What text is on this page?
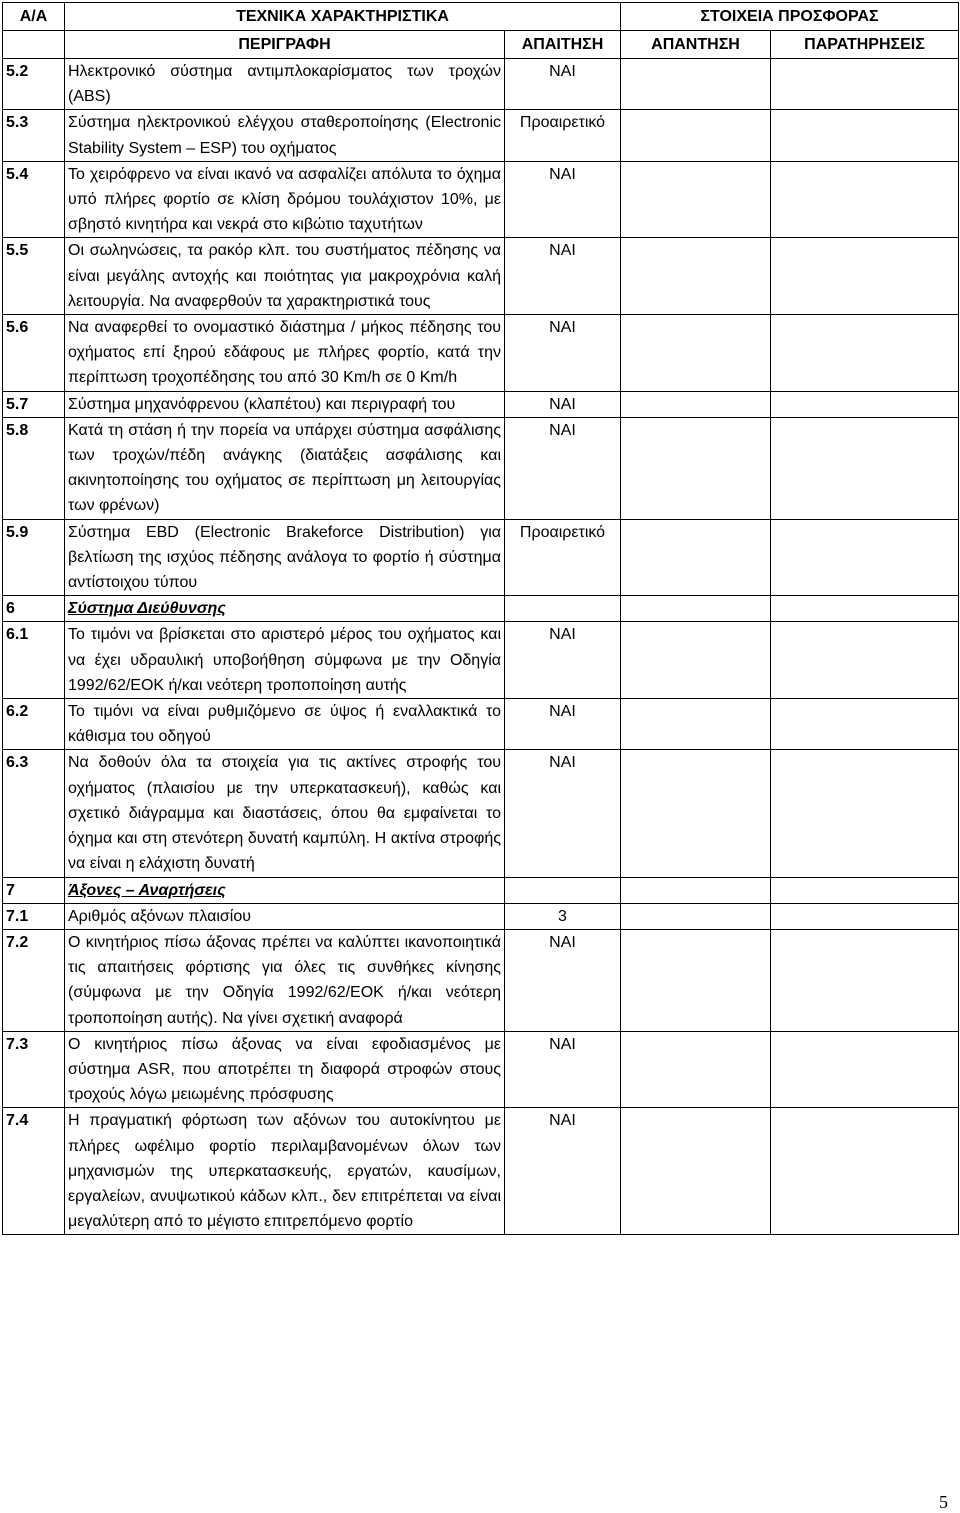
Α/Α	ΤΕΧΝΙΚΑ ΧΑΡΑΚΤΗΡΙΣΤΙΚΑ		ΣΤΟΙΧΕΙΑ ΠΡΟΣΦΟΡΑΣ	
	ΠΕΡΙΓΡΑΦΗ	ΑΠΑΙΤΗΣΗ	ΑΠΑΝΤΗΣΗ	ΠΑΡΑΤΗΡΗΣΕΙΣ
5.2	Ηλεκτρονικό σύστημα αντιμπλοκαρίσματος των τροχών (ABS)	ΝΑΙ		
5.3	Σύστημα ηλεκτρονικού ελέγχου σταθεροποίησης (Electronic Stability System – ESP) του οχήματος	Προαιρετικό		
5.4	Το χειρόφρενο να είναι ικανό να ασφαλίζει απόλυτα το όχημα υπό πλήρες φορτίο σε κλίση δρόμου τουλάχιστον 10%, με σβηστό κινητήρα και νεκρά στο κιβώτιο ταχυτήτων	ΝΑΙ		
5.5	Οι σωληνώσεις, τα ρακόρ κλπ. του συστήματος πέδησης να είναι μεγάλης αντοχής και ποιότητας για μακροχρόνια καλή λειτουργία. Να αναφερθούν τα χαρακτηριστικά τους	ΝΑΙ		
5.6	Να αναφερθεί το ονομαστικό διάστημα / μήκος πέδησης του οχήματος επί ξηρού εδάφους με πλήρες φορτίο, κατά την περίπτωση τροχοπέδησης του από 30 Km/h σε 0 Km/h	ΝΑΙ		
5.7	Σύστημα μηχανόφρενου (κλαπέτου) και περιγραφή του	ΝΑΙ		
5.8	Κατά τη στάση ή την πορεία να υπάρχει σύστημα ασφάλισης των τροχών/πέδη ανάγκης (διατάξεις ασφάλισης και ακινητοποίησης του οχήματος σε περίπτωση μη λειτουργίας των φρένων)	ΝΑΙ		
5.9	Σύστημα EBD (Electronic Brakeforce Distribution) για βελτίωση της ισχύος πέδησης ανάλογα το φορτίο ή σύστημα αντίστοιχου τύπου	Προαιρετικό		
6	Σύστημα Διεύθυνσης			
6.1	Το τιμόνι να βρίσκεται στο αριστερό μέρος του οχήματος και να έχει υδραυλική υποβοήθηση σύμφωνα με την Οδηγία 1992/62/ΕΟΚ ή/και νεότερη τροποποίηση αυτής	ΝΑΙ		
6.2	Το τιμόνι να είναι ρυθμιζόμενο σε ύψος ή εναλλακτικά το κάθισμα του οδηγού	ΝΑΙ		
6.3	Να δοθούν όλα τα στοιχεία για τις ακτίνες στροφής του οχήματος (πλαισίου με την υπερκατασκευή), καθώς και σχετικό διάγραμμα και διαστάσεις, όπου θα εμφαίνεται το όχημα και στη στενότερη δυνατή καμπύλη. Η ακτίνα στροφής να είναι η ελάχιστη δυνατή	ΝΑΙ		
7	Άξονες – Αναρτήσεις			
7.1	Αριθμός αξόνων πλαισίου	3		
7.2	Ο κινητήριος πίσω άξονας πρέπει να καλύπτει ικανοποιητικά τις απαιτήσεις φόρτισης για όλες τις συνθήκες κίνησης (σύμφωνα με την Οδηγία 1992/62/ΕΟΚ ή/και νεότερη τροποποίηση αυτής). Να γίνει σχετική αναφορά	ΝΑΙ		
7.3	Ο κινητήριος πίσω άξονας να είναι εφοδιασμένος με σύστημα ASR, που αποτρέπει τη διαφορά στροφών στους τροχούς λόγω μειωμένης πρόσφυσης	ΝΑΙ		
7.4	Η πραγματική φόρτωση των αξόνων του αυτοκίνητου με πλήρες ωφέλιμο φορτίο περιλαμβανομένων όλων των μηχανισμών της υπερκατασκευής, εργατών, καυσίμων, εργαλείων, ανυψωτικού κάδων κλπ., δεν επιτρέπεται να είναι μεγαλύτερη από το μέγιστο επιτρεπόμενο φορτίο	ΝΑΙ		
5
